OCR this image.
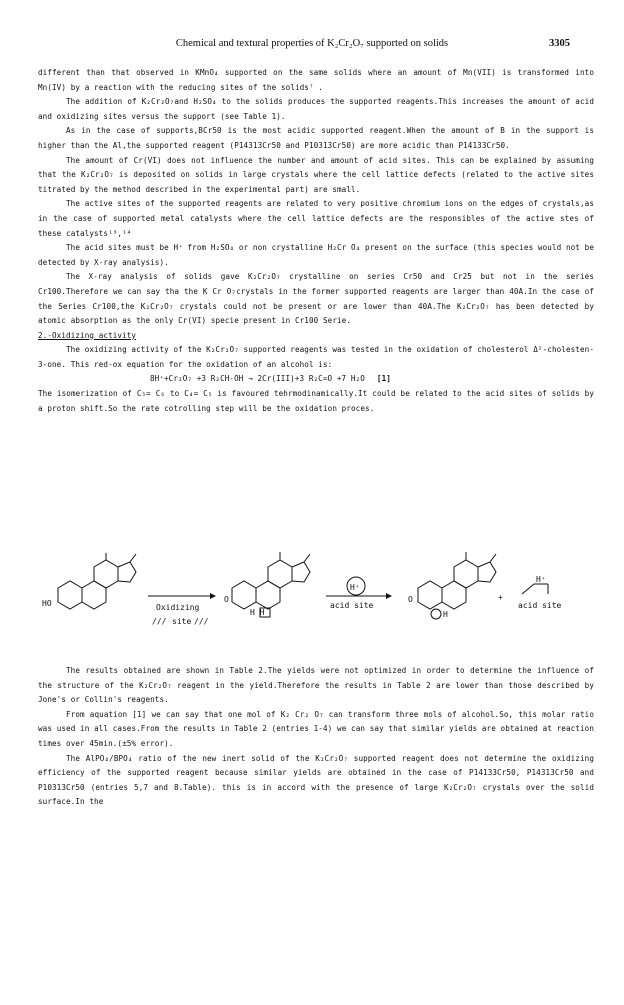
Chemical and textural properties of K₂Cr₂O₇ supported on solids	3305

different than that observed in KMnO₄ supported on the same solids where an amount of Mn(VII) is transformed into Mn(IV) by a reaction with the reducing sites of the solids⁷ .

The addition of K₂Cr₂O₇and H₂SO₄ to the solids produces the supported reagents.This increases the amount of acid and oxidizing sites versus the support (see Table 1).

As in the case of supports,BCr50 is the most acidic supported reagent.When the amount of B in the support is higher than the Al,the supported reagent (P14313Cr50 and P10313Cr50) are more acidic than P14133Cr50.

The amount of Cr(VI) does not influence the number and amount of acid sites. This can be explained by assuming that the K₂Cr₂O₇ is deposited on solids in large crystals where the cell lattice defects (related to the active sites titrated by the method described in the experimental part) are small.

The active sites of the supported reagents are related to very positive chromium ions on the edges of crystals,as in the case of supported metal catalysts where the cell lattice defects are the responsibles of the active stes of these catalysts¹³,¹⁴

The acid sites must be H⁺ from H₂SO₄ or non crystalline H₂Cr O₄ present on the surface (this species would not be detected by X-ray analysis).

The X-ray analysis of solids gave K₂Cr₂O₇ crystalline on series Cr50 and Cr25 but not in the series Cr100.Therefore we can say tha the K Cr O₇crystals in the former supported reagents are larger than 40A.In the case of the Series Cr100,the K₂Cr₂O₇ crystals could not be present or are lower than 40A.The K₂Cr₂O₇ has been detected by atomic absorption as the only Cr(VI) specie present in Cr100 Serie.

2.-Oxidizing activity

The oxidizing activity of the K₂Cr₂O₇ supported reagents was tested in the oxidation of cholesterol Δ²-cholesten-3-one. This red-ox equation for the oxidation of an alcohol is:

8H⁺+Cr₂O₇ +3 R₂CH-OH → 2Cr(III)+3 R₂C=O +7 H₂O [1]

The isomerization of C₅= C₆ to C₄= C₅ is favoured tehrmodinamically.It could be related to the acid sites of solids by a proton shift.So the rate cotrolling step will be the oxidation proces.

HO	Oxidizing
/// site ///
O
H H
H⁺
acid site
O
H
+
H⁺
acid site

The results obtained are shown in Table 2.The yields were not optimized in order to determine the influence of the structure of the K₂Cr₂O₇ reagent in the yield.Therefore the results in Table 2 are lower than those described by Jone's or Collin's reagents.

From aquation [1] we can say that one mol of K₂ Cr₂ O₇ can transform three mols of alcohol.So, this molar ratio was used in all cases.From the results in Table 2 (entries 1-4) we can say that similar yields are obtained at reaction times over 45min.(±5% error).

The AlPO₄/BPO₄ ratio of the new inert solid of the K₂Cr₂O₇ supported reagent does not determine the oxidizing efficiency of the supported reagent because similar yields are obtained in the case of P14133Cr50, P14313Cr50 and P10313Cr50 (entries 5,7 and 8.Table). this is in accord with the presence of large K₂Cr₂O₇ crystals over the solid surface.In the
